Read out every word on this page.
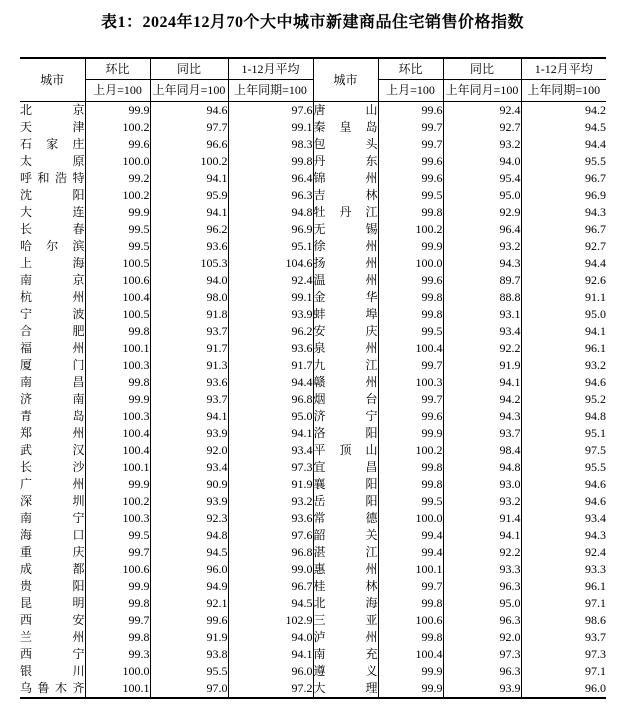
表1：2024年12月70个大中城市新建商品住宅销售价格指数
城市	环比	同比	1-12月平均	城市	环比	同比	1-12月平均
	上月=100	上年同月=100	上年同期=100		上月=100	上年同月=100	上年同期=100
北京	99.9	94.6	97.6	唐山	99.6	92.4	94.2
天津	100.2	97.7	99.1	秦皇岛	99.7	92.7	94.5
石家庄	99.6	96.6	98.3	包头	99.7	93.2	94.4
太原	100.0	100.2	99.8	丹东	99.6	94.0	95.5
呼和浩特	99.2	94.1	96.4	锦州	99.6	95.4	96.7
沈阳	100.2	95.9	96.3	吉林	99.5	95.0	96.9
大连	99.9	94.1	94.8	牡丹江	99.8	92.9	94.3
长春	99.5	96.2	96.9	无锡	100.2	96.4	96.7
哈尔滨	99.5	93.6	95.1	徐州	99.9	93.2	92.7
上海	100.5	105.3	104.6	扬州	100.0	94.3	94.4
南京	100.6	94.0	92.4	温州	99.6	89.7	92.6
杭州	100.4	98.0	99.1	金华	99.8	88.8	91.1
宁波	100.5	91.8	93.9	蚌埠	99.8	93.1	95.0
合肥	99.8	93.7	96.2	安庆	99.5	93.4	94.1
福州	100.1	91.7	93.6	泉州	100.4	92.2	96.1
厦门	100.3	91.3	91.7	九江	99.7	91.9	93.2
南昌	99.8	93.6	94.4	赣州	100.3	94.1	94.6
济南	99.9	93.7	96.8	烟台	99.7	94.2	95.2
青岛	100.3	94.1	95.0	济宁	99.6	94.3	94.8
郑州	100.4	93.9	94.1	洛阳	99.9	93.7	95.1
武汉	100.4	92.0	93.4	平顶山	100.2	98.4	97.5
长沙	100.1	93.4	97.3	宜昌	99.8	94.8	95.5
广州	99.9	90.9	91.9	襄阳	99.8	93.0	94.6
深圳	100.2	93.9	93.2	岳阳	99.5	93.2	94.6
南宁	100.3	92.3	93.6	常德	100.0	91.4	93.4
海口	99.5	94.8	97.6	韶关	99.4	94.1	94.3
重庆	99.7	94.5	96.8	湛江	99.4	92.2	92.4
成都	100.6	96.0	99.0	惠州	100.1	93.3	93.3
贵阳	99.9	94.9	96.7	桂林	99.7	96.3	96.1
昆明	99.8	92.1	94.5	北海	99.8	95.0	97.1
西安	99.7	99.6	102.9	三亚	100.6	96.3	98.6
兰州	99.8	91.9	94.0	泸州	99.8	92.0	93.7
西宁	99.3	93.8	94.1	南充	100.4	97.3	97.3
银川	100.0	95.5	96.0	遵义	99.9	96.3	97.1
乌鲁木齐	100.1	97.0	97.2	大理	99.9	93.9	96.0
